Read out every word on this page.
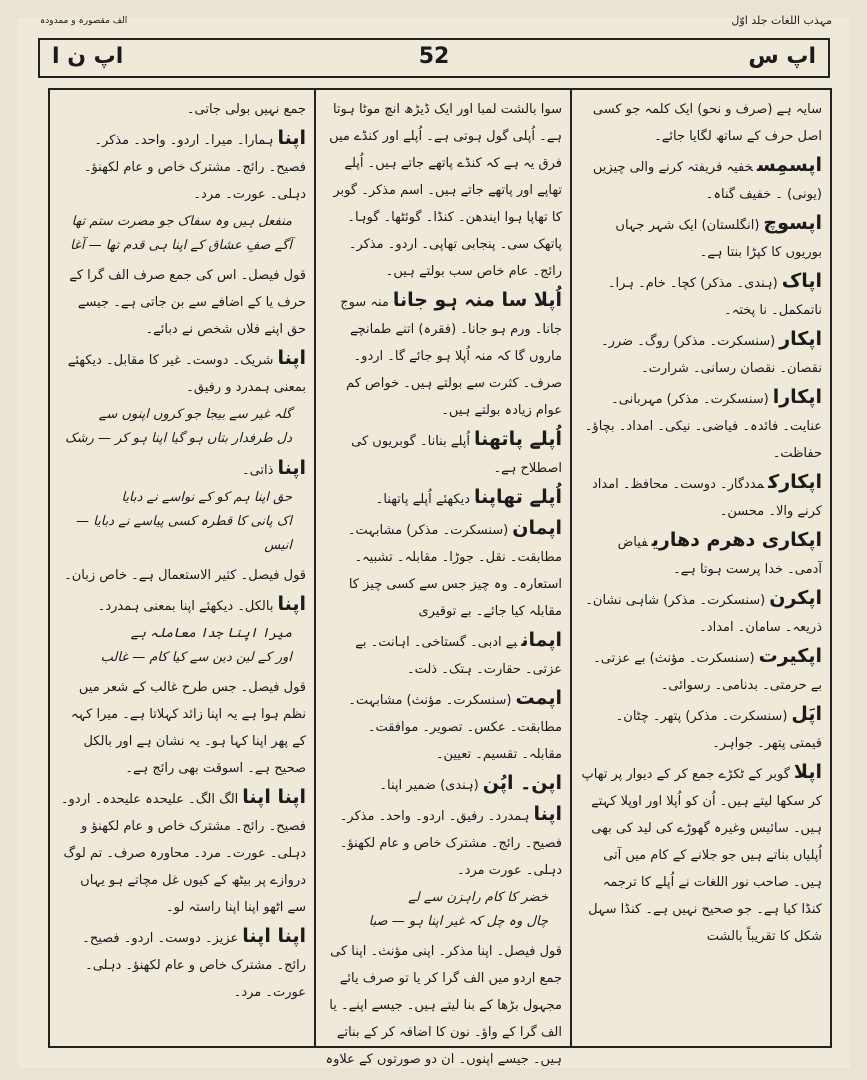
مہذب اللغات جلد اوّل
الف مقصورہ و ممدودہ
اپ س
52
اپ ن ا

سایہ ہے (صرف و نحو) ایک کلمہ جو کسی اصل حرف کے ساتھ لگایا جائے۔

اپسمِسخفیہ فریفتہ کرنے والی چیزیں (یونی) ۔ خفیف گناہ۔

اپسوچ(انگلستان) ایک شہر جہاں بوریوں کا کپڑا بنتا ہے۔

اپاک(ہندی۔ مذکر) کچا۔ خام۔ ہرا۔ ناتمکمل۔ نا پختہ۔

اپکار(سنسکرت۔ مذکر) روگ۔ ضرر۔ نقصان۔ نقصان رسانی۔ شرارت۔

اپکارا(سنسکرت۔ مذکر) مہربانی۔ عنایت۔ فائدہ۔ فیاضی۔ نیکی۔ امداد۔ بچاؤ۔ حفاظت۔

اپکارکمددگار۔ دوست۔ محافظ۔ امداد کرنے والا۔ محسن۔

اپکاری دھرم دھاریفیاض آدمی۔ خدا پرست ہوتا ہے۔

اپکرن(سنسکرت۔ مذکر) شاہی نشان۔ ذریعہ۔ سامان۔ امداد۔

اپکیرت(سنسکرت۔ مؤنث) بے عزتی۔ بے حرمتی۔ بدنامی۔ رسوائی۔

اپَل(سنسکرت۔ مذکر) پتھر۔ چٹان۔ قیمتی پتھر۔ جواہر۔

اپلاگوبر کے ٹکڑے جمع کر کے دیوار پر تھاپ کر سکھا لیتے ہیں۔ اُن کو اُپلا اور اوپلا کہتے ہیں۔ سائیس وغیرہ گھوڑے کی لید کی بھی اُپلیاں بناتے ہیں جو جلانے کے کام میں آتی ہیں۔ صاحب نور اللغات نے اُپلے کا ترجمہ کنڈا کیا ہے۔ جو صحیح نہیں ہے۔ کنڈا سہل شکل کا تقریباً بالشت

سوا بالشت لمبا اور ایک ڈیڑھ انچ موٹا ہوتا ہے۔ اُپلی گول ہوتی ہے۔ اُپلے اور کنڈے میں فرق یہ ہے کہ کنڈے پاتھے جاتے ہیں۔ اُپلے تھاپے اور پاتھے جاتے ہیں۔ اسم مذکر۔ گوبر کا تھاپا ہوا ایندھن۔ کنڈا۔ گوئٹھا۔ گوہا۔ پاتھک سی۔ پنجابی تھاپی۔ اردو۔ مذکر۔ رائج۔ عام خاص سب بولتے ہیں۔

اُپلا سا منہ ہو جانامنہ سوج جانا۔ ورم ہو جانا۔ (فقرہ) اتنے طمانچے ماروں گا کہ منہ اُپلا ہو جائے گا۔ اردو۔ صرف۔ کثرت سے بولتے ہیں۔ خواص کم عوام زیادہ بولتے ہیں۔

اُپلے پاتھنااُپلے بنانا۔ گوبریوں کی اصطلاح ہے۔

اُپلے تھاپنادیکھئے اُپلے پاتھنا۔

اپمان(سنسکرت۔ مذکر) مشابہت۔ مطابقت۔ نقل۔ جوڑا۔ مقابلہ۔ تشبیہ۔ استعارہ۔ وہ چیز جس سے کسی چیز کا مقابلہ کیا جائے۔ بے توقیری

اپمانبے ادبی۔ گستاخی۔ اہانت۔ بے عزتی۔ حقارت۔ ہتک۔ ذلت۔

اپمت(سنسکرت۔ مؤنث) مشابہت۔ مطابقت۔ عکس۔ تصویر۔ موافقت۔ مقابلہ۔ تقسیم۔ تعیین۔

اپن۔ اپُن(ہندی) ضمیر اپنا۔

اپناہمدرد۔ رفیق۔ اردو۔ واحد۔ مذکر۔ فصیح۔ رائج۔ مشترک خاص و عام لکھنؤ۔ دہلی۔ عورت مرد۔

خضر کا کام راہزن سے لے
چال وہ چل کہ غیر اپنا ہو — صبا

قول فیصل۔ اپنا مذکر۔ اپنی مؤنث۔ اپنا کی جمع اردو میں الف گرا کر یا تو صرف یائے مجہول بڑھا کے بنا لیتے ہیں۔ جیسے اپنے۔ یا الف گرا کے واؤ۔ نون کا اضافہ کر کے بناتے ہیں۔ جیسے اپنوں۔ ان دو صورتوں کے علاوہ

جمع نہیں بولی جاتی۔

اپناہمارا۔ میرا۔ اردو۔ واحد۔ مذکر۔ فصیح۔ رائج۔ مشترک خاص و عام لکھنؤ۔ دہلی۔ عورت۔ مرد۔

منفعل ہیں وہ سفاک جو مصرت ستم تھا
آگے صفِ عشاق کے اپنا ہی قدم تھا — آغا

قول فیصل۔ اس کی جمع صرف الف گرا کے حرف یا کے اضافے سے بن جاتی ہے۔ جیسے حق اپنے فلاں شخص نے دبائے۔

اپناشریک۔ دوست۔ غیر کا مقابل۔ دیکھئے بمعنی ہمدرد و رفیق۔

گلہ غیر سے بیجا جو کروں اپنوں سے
دل طرفدار بتاں ہو گیا اپنا ہو کر — رشک

اپناذاتی۔

حق اپنا ہم کو کے نواسے نے دبایا
اک پانی کا قطرہ کسی پیاسے نے دبایا — انیس

قول فیصل۔ کثیر الاستعمال ہے۔ خاص زبان۔

اپنابالکل۔ دیکھئے اپنا بمعنی ہمدرد۔

میرا اپنا جدا معاملہ ہے
اور کے لین دین سے کیا کام — غالب

قول فیصل۔ جس طرح غالب کے شعر میں نظم ہوا ہے یہ اپنا زائد کہلاتا ہے۔ میرا کہہ کے پھر اپنا کہا ہو۔ یہ نشان ہے اور بالکل صحیح ہے۔ اسوقت بھی رائج ہے۔

اپنا اپناالگ الگ۔ علیحدہ علیحدہ۔ اردو۔ فصیح۔ رائج۔ مشترک خاص و عام لکھنؤ و دہلی۔ عورت۔ مرد۔ محاورہ صرف۔ تم لوگ دروازے پر بیٹھ کے کیوں غل مچاتے ہو یہاں سے اٹھو اپنا اپنا راستہ لو۔

اپنا اپناعزیز۔ دوست۔ اردو۔ فصیح۔ رائج۔ مشترک خاص و عام لکھنؤ۔ دہلی۔ عورت۔ مرد۔
